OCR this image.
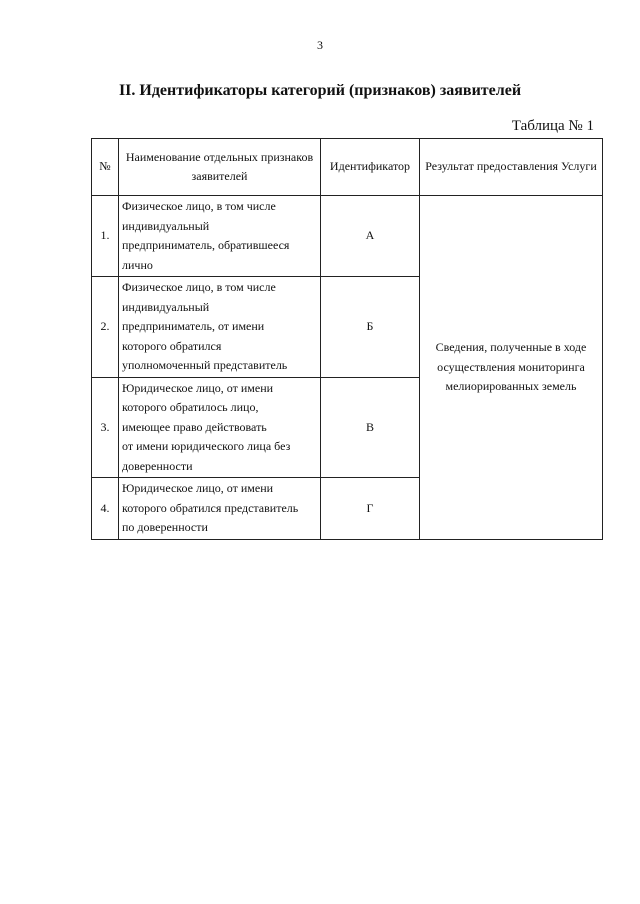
3
II. Идентификаторы категорий (признаков) заявителей
Таблица № 1
№	Наименование отдельных признаков заявителей	Идентификатор	Результат предоставления Услуги
1.	Физическое лицо, в том числе
индивидуальный
предприниматель, обратившееся
лично	А	Сведения, полученные в ходе осуществления мониторинга мелиорированных земель
2.	Физическое лицо, в том числе
индивидуальный
предприниматель, от имени
которого обратился
уполномоченный представитель	Б	
3.	Юридическое лицо, от имени
которого обратилось лицо,
имеющее право действовать
от имени юридического лица без
доверенности	В	
4.	Юридическое лицо, от имени
которого обратился представитель
по доверенности	Г	
